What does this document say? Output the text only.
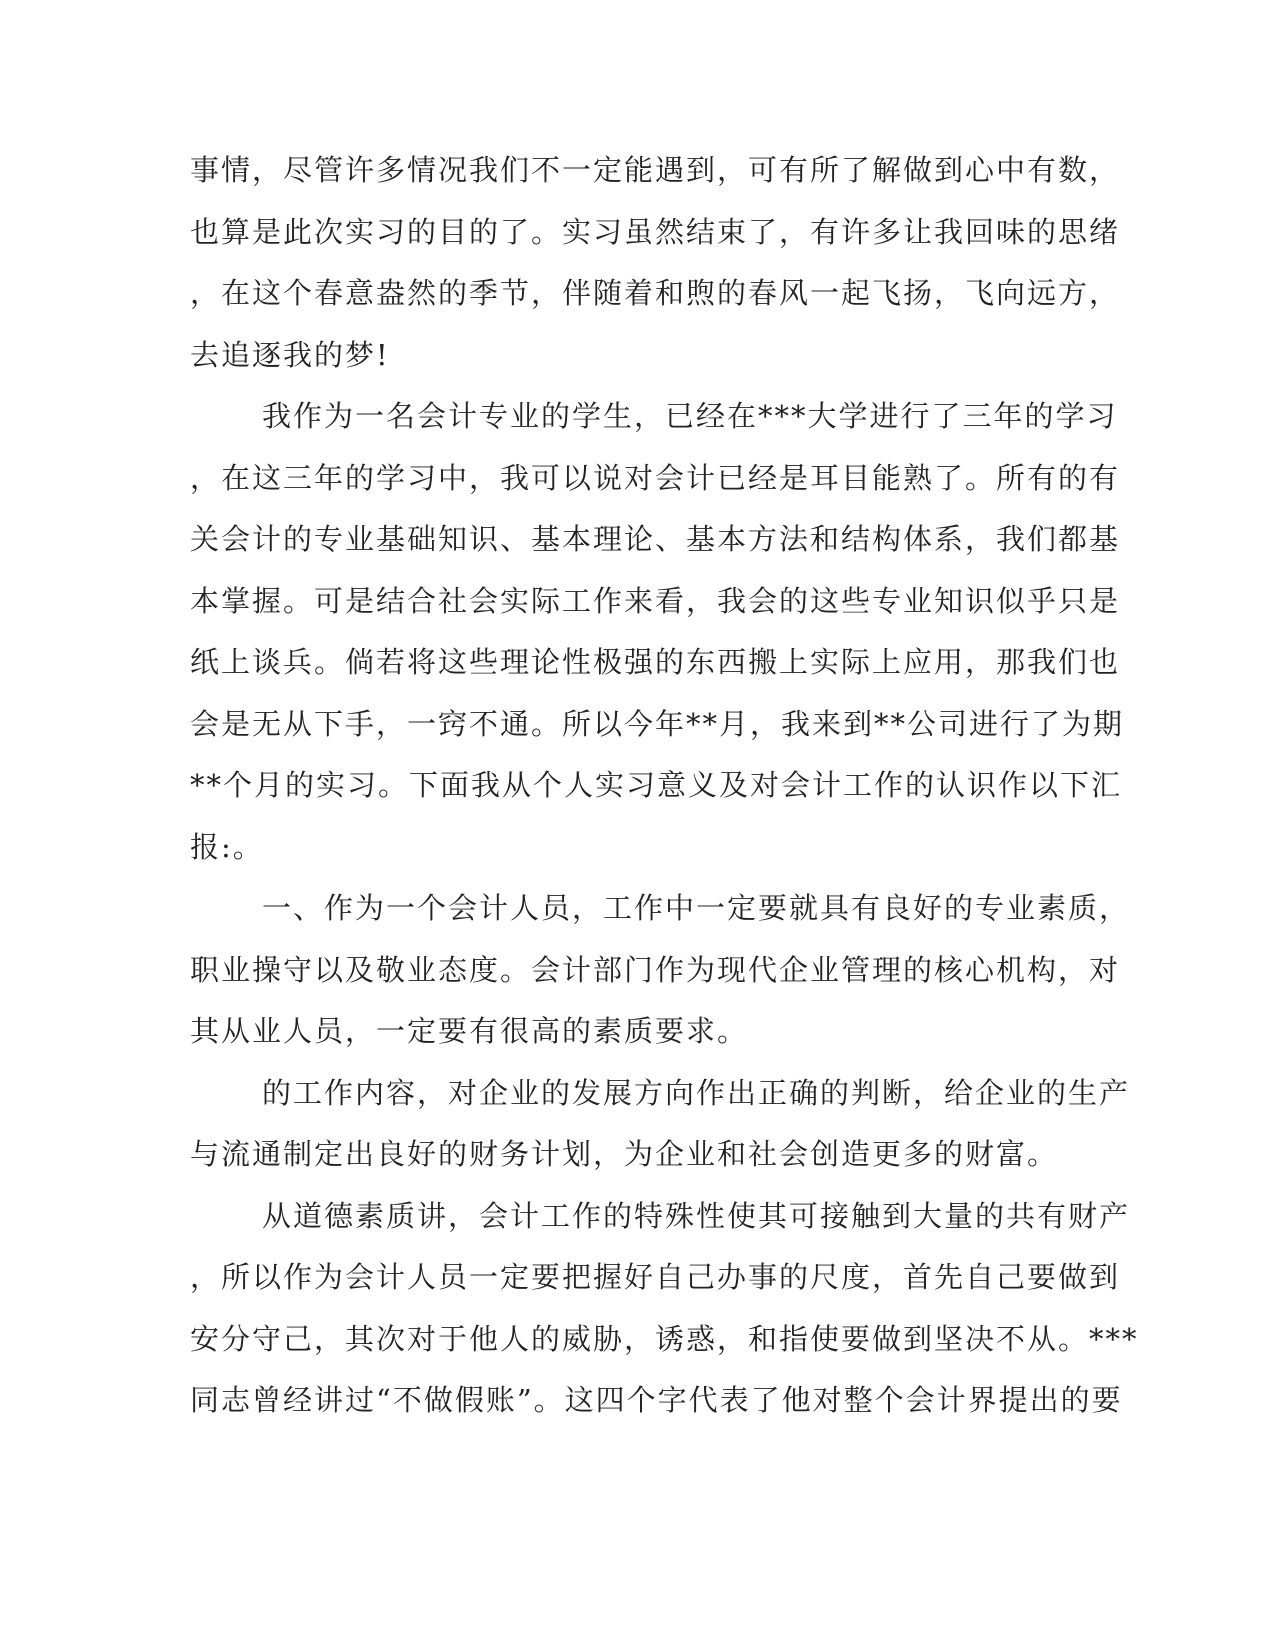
事情，尽管许多情况我们不一定能遇到，可有所了解做到心中有数，
也算是此次实习的目的了。实习虽然结束了，有许多让我回味的思绪
，在这个春意盎然的季节，伴随着和煦的春风一起飞扬，飞向远方，
去追逐我的梦!
我作为一名会计专业的学生，已经在***大学进行了三年的学习
，在这三年的学习中，我可以说对会计已经是耳目能熟了。所有的有
关会计的专业基础知识、基本理论、基本方法和结构体系，我们都基
本掌握。可是结合社会实际工作来看，我会的这些专业知识似乎只是
纸上谈兵。倘若将这些理论性极强的东西搬上实际上应用，那我们也
会是无从下手，一窍不通。所以今年**月，我来到**公司进行了为期
**个月的实习。下面我从个人实习意义及对会计工作的认识作以下汇
报:。
一、作为一个会计人员，工作中一定要就具有良好的专业素质，
职业操守以及敬业态度。会计部门作为现代企业管理的核心机构，对
其从业人员，一定要有很高的素质要求。
的工作内容，对企业的发展方向作出正确的判断，给企业的生产
与流通制定出良好的财务计划，为企业和社会创造更多的财富。
从道德素质讲，会计工作的特殊性使其可接触到大量的共有财产
，所以作为会计人员一定要把握好自己办事的尺度，首先自己要做到
安分守己，其次对于他人的威胁，诱惑，和指使要做到坚决不从。***
同志曾经讲过“不做假账”。这四个字代表了他对整个会计界提出的要
